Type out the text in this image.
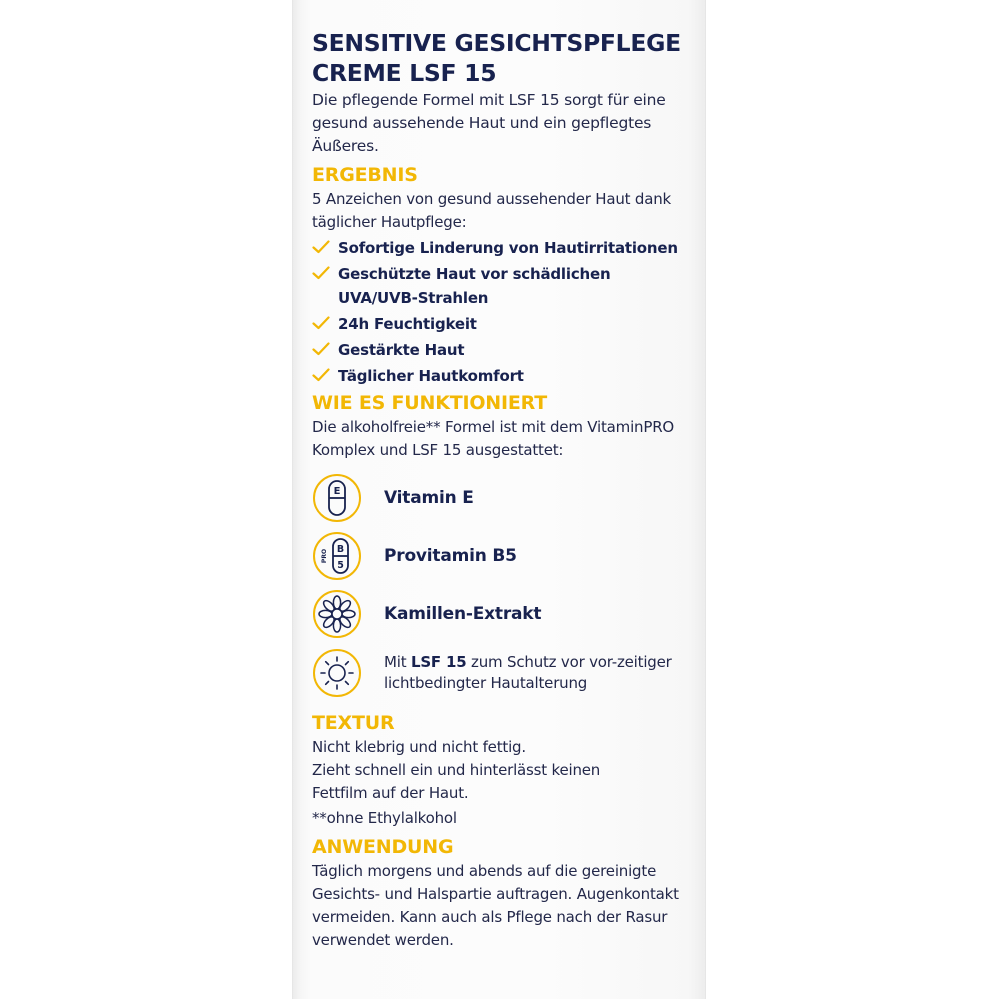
SENSITIVE GESICHTSPFLEGE
CREME LSF 15

Die pflegende Formel mit LSF 15 sorgt für eine gesund aussehende Haut und ein gepflegtes Äußeres.

ERGEBNIS

5 Anzeichen von gesund aussehender Haut dank täglicher Hautpflege:

Sofortige Linderung von Hautirritationen
Geschützte Haut vor schädlichen UVA/UVB-Strahlen
24h Feuchtigkeit
Gestärkte Haut
Täglicher Hautkomfort
WIE ES FUNKTIONIERT

Die alkoholfreie** Formel ist mit dem VitaminPRO Komplex und LSF 15 ausgestattet:

E	Vitamin E
B
5
PRO	Provitamin B5
Kamillen-Extrakt
Mit LSF 15 zum Schutz vor vor-zeitiger lichtbedingter Hautalterung
TEXTUR

Nicht klebrig und nicht fettig.

Zieht schnell ein und hinterlässt keinen Fettfilm auf der Haut.

**ohne Ethylalkohol

ANWENDUNG

Täglich morgens und abends auf die gereinigte Gesichts- und Halspartie auftragen. Augenkontakt vermeiden. Kann auch als Pflege nach der Rasur verwendet werden.
